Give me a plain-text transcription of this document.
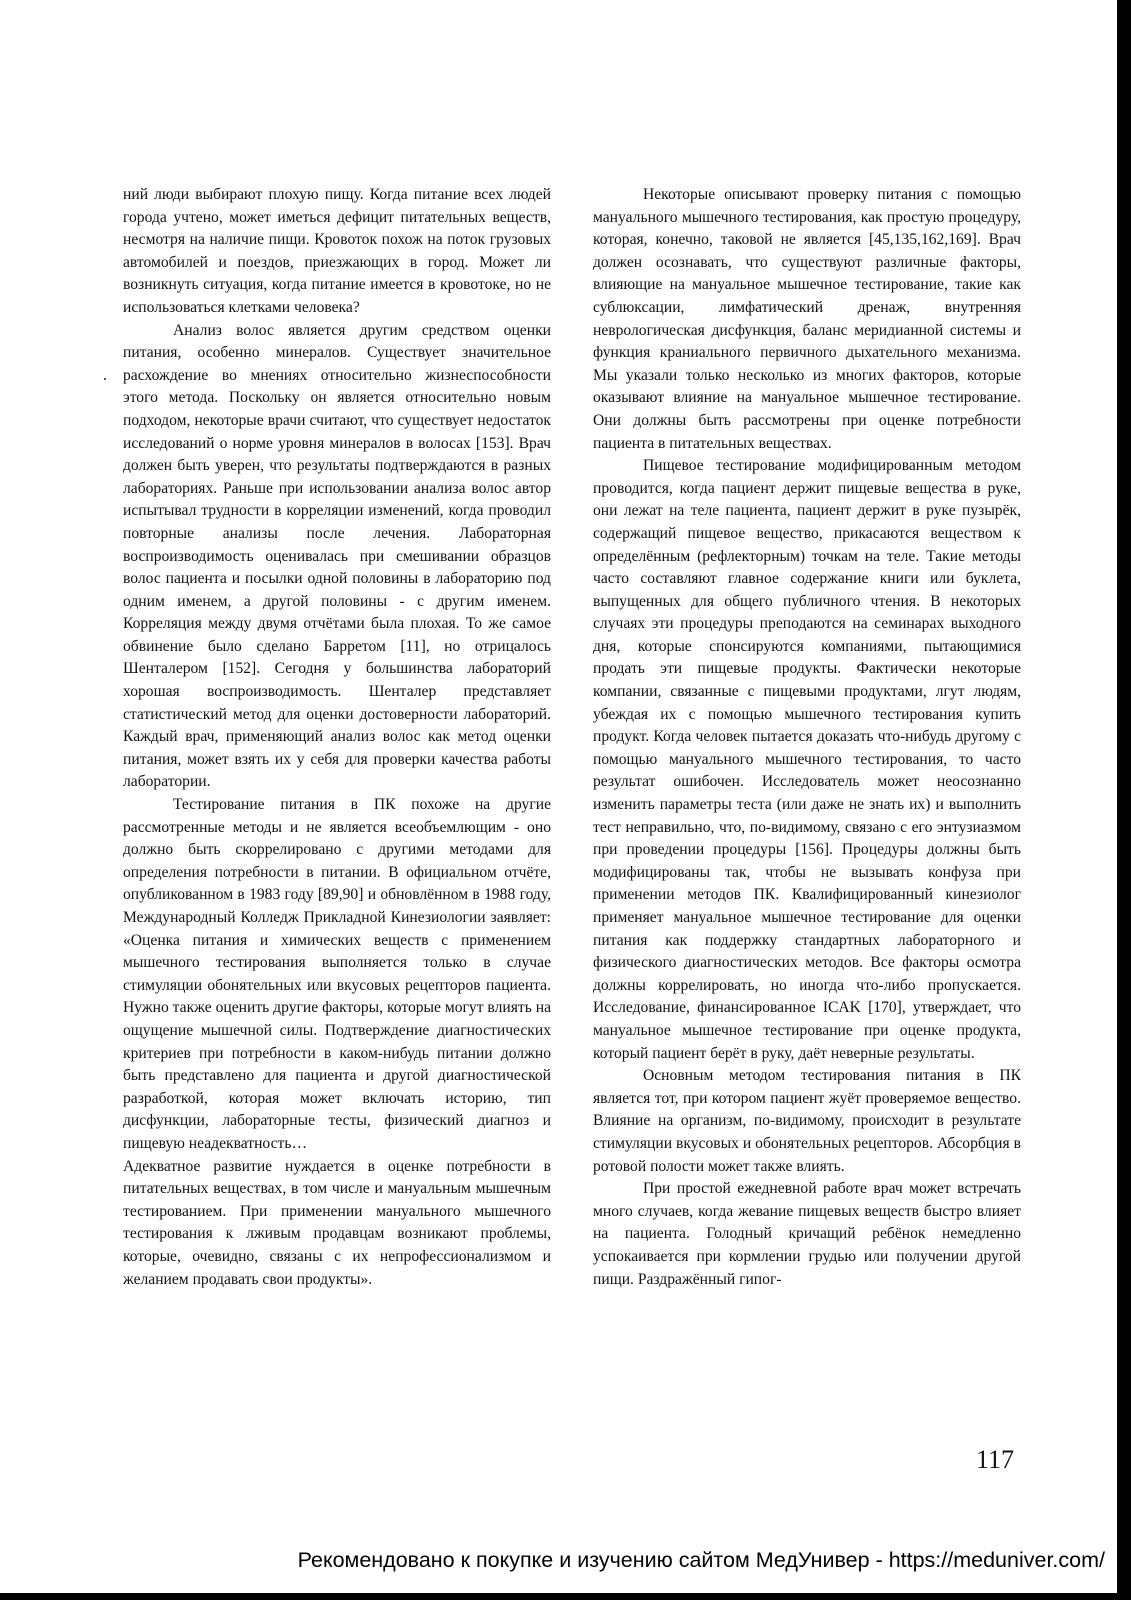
ний люди выбирают плохую пищу. Когда питание всех людей города учтено, может иметься дефицит питательных веществ, несмотря на наличие пищи. Кровоток похож на поток грузовых автомобилей и поездов, приезжающих в город. Может ли возникнуть ситуация, когда питание имеется в кровотоке, но не использоваться клетками человека?

Анализ волос является другим средством оценки питания, особенно минералов. Существует значительное расхождение во мнениях относительно жизнеспособности этого метода. Поскольку он является относительно новым подходом, некоторые врачи считают, что существует недостаток исследований о норме уровня минералов в волосах [153]. Врач должен быть уверен, что результаты подтверждаются в разных лабораториях. Раньше при использовании анализа волос автор испытывал трудности в корреляции изменений, когда проводил повторные анализы после лечения. Лабораторная воспроизводимость оценивалась при смешивании образцов волос пациента и посылки одной половины в лабораторию под одним именем, а другой половины - с другим именем. Корреляция между двумя отчётами была плохая. То же самое обвинение было сделано Барретом [11], но отрицалось Шенталером [152]. Сегодня у большинства лабораторий хорошая воспроизводимость. Шенталер представляет статистический метод для оценки достоверности лабораторий. Каждый врач, применяющий анализ волос как метод оценки питания, может взять их у себя для проверки качества работы лаборатории.

Тестирование питания в ПК похоже на другие рассмотренные методы и не является всеобъемлющим - оно должно быть скоррелировано с другими методами для определения потребности в питании. В официальном отчёте, опубликованном в 1983 году [89,90] и обновлённом в 1988 году, Международный Колледж Прикладной Кинезиологии заявляет: «Оценка питания и химических веществ с применением мышечного тестирования выполняется только в случае стимуляции обонятельных или вкусовых рецепторов пациента. Нужно также оценить другие факторы, которые могут влиять на ощущение мышечной силы. Подтверждение диагностических критериев при потребности в каком-нибудь питании должно быть представлено для пациента и другой диагностической разработкой, которая может включать историю, тип дисфункции, лабораторные тесты, физический диагноз и пищевую неадекватность…

Адекватное развитие нуждается в оценке потребности в питательных веществах, в том числе и мануальным мышечным тестированием. При применении мануального мышечного тестирования к лживым продавцам возникают проблемы, которые, очевидно, связаны с их непрофессионализмом и желанием продавать свои продукты».

Некоторые описывают проверку питания с помощью мануального мышечного тестирования, как простую процедуру, которая, конечно, таковой не является [45,135,162,169]. Врач должен осознавать, что существуют различные факторы, влияющие на мануальное мышечное тестирование, такие как сублюксации, лимфатический дренаж, внутренняя неврологическая дисфункция, баланс меридианной системы и функция краниального первичного дыхательного механизма. Мы указали только несколько из многих факторов, которые оказывают влияние на мануальное мышечное тестирование. Они должны быть рассмотрены при оценке потребности пациента в питательных веществах.

Пищевое тестирование модифицированным методом проводится, когда пациент держит пищевые вещества в руке, они лежат на теле пациента, пациент держит в руке пузырёк, содержащий пищевое вещество, прикасаются веществом к определённым (рефлекторным) точкам на теле. Такие методы часто составляют главное содержание книги или буклета, выпущенных для общего публичного чтения. В некоторых случаях эти процедуры преподаются на семинарах выходного дня, которые спонсируются компаниями, пытающимися продать эти пищевые продукты. Фактически некоторые компании, связанные с пищевыми продуктами, лгут людям, убеждая их с помощью мышечного тестирования купить продукт. Когда человек пытается доказать что-нибудь другому с помощью мануального мышечного тестирования, то часто результат ошибочен. Исследователь может неосознанно изменить параметры теста (или даже не знать их) и выполнить тест неправильно, что, по-видимому, связано с его энтузиазмом при проведении процедуры [156]. Процедуры должны быть модифицированы так, чтобы не вызывать конфуза при применении методов ПК. Квалифицированный кинезиолог применяет мануальное мышечное тестирование для оценки питания как поддержку стандартных лабораторного и физического диагностических методов. Все факторы осмотра должны коррелировать, но иногда что-либо пропускается. Исследование, финансированное ICAK [170], утверждает, что мануальное мышечное тестирование при оценке продукта, который пациент берёт в руку, даёт неверные результаты.

Основным методом тестирования питания в ПК является тот, при котором пациент жуёт проверяемое вещество. Влияние на организм, по-видимому, происходит в результате стимуляции вкусовых и обонятельных рецепторов. Абсорбция в ротовой полости может также влиять.

При простой ежедневной работе врач может встречать много случаев, когда жевание пищевых веществ быстро влияет на пациента. Голодный кричащий ребёнок немедленно успокаивается при кормлении грудью или получении другой пищи. Раздражённый гипог-

117
Рекомендовано к покупке и изучению сайтом МедУнивер - https://meduniver.com/
